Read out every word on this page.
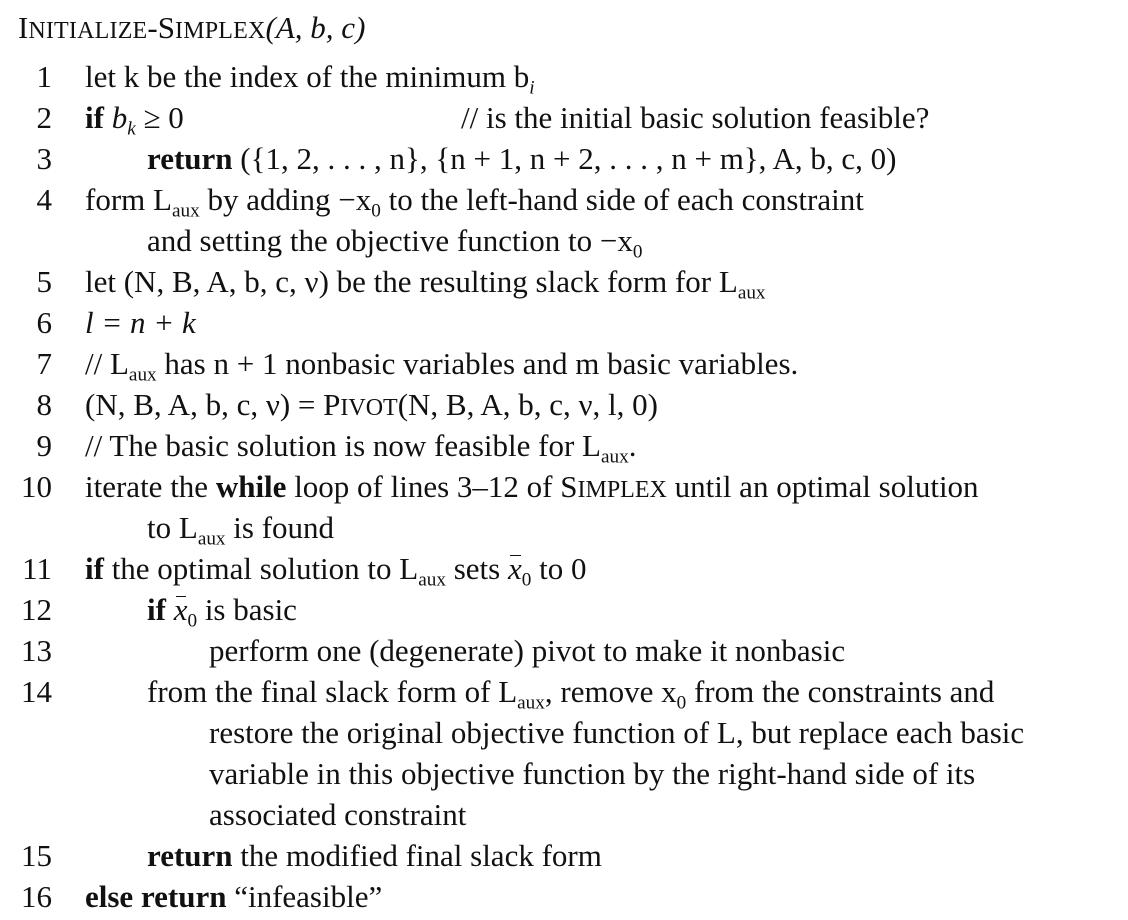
INITIALIZE-SIMPLEX(A, b, c)
1 let k be the index of the minimum $b_i$
2 if $b_k \ge 0$	// is the initial basic solution feasible?
3	return ({1, 2, . . . , n}, {n + 1, n + 2, . . . , n + m}, A, b, c, 0)
4 form $L_{aux}$ by adding $-x_0$ to the left-hand side of each constraint
and setting the objective function to $-x_0$
5 let (N, B, A, b, c, ν) be the resulting slack form for $L_{aux}$
6 l = n + k
$7 // L_{aux}$ has n + 1 nonbasic variables and m basic variables.
8 (N, B, A, b, c, ν) = PIVOT(N, B, A, b, c, ν, l, 0)
9 // The basic solution is now feasible for $L_{aux}$.
10 iterate the while loop of lines 3–12 of SIMPLEX until an optimal solution
to $L_{aux}$ is found
11 if the optimal solution to $L_{aux}$ sets $x_0$ to 0
12	if $x_0$ is basic
13	perform one (degenerate) pivot to make it nonbasic
14	from the final slack form of $L_{aux}$, remove $x_0$ from the constraints and
restore the original objective function of L, but replace each basic
variable in this objective function by the right-hand side of its
associated constraint
15	return the modified final slack form
16 else return “infeasible”
